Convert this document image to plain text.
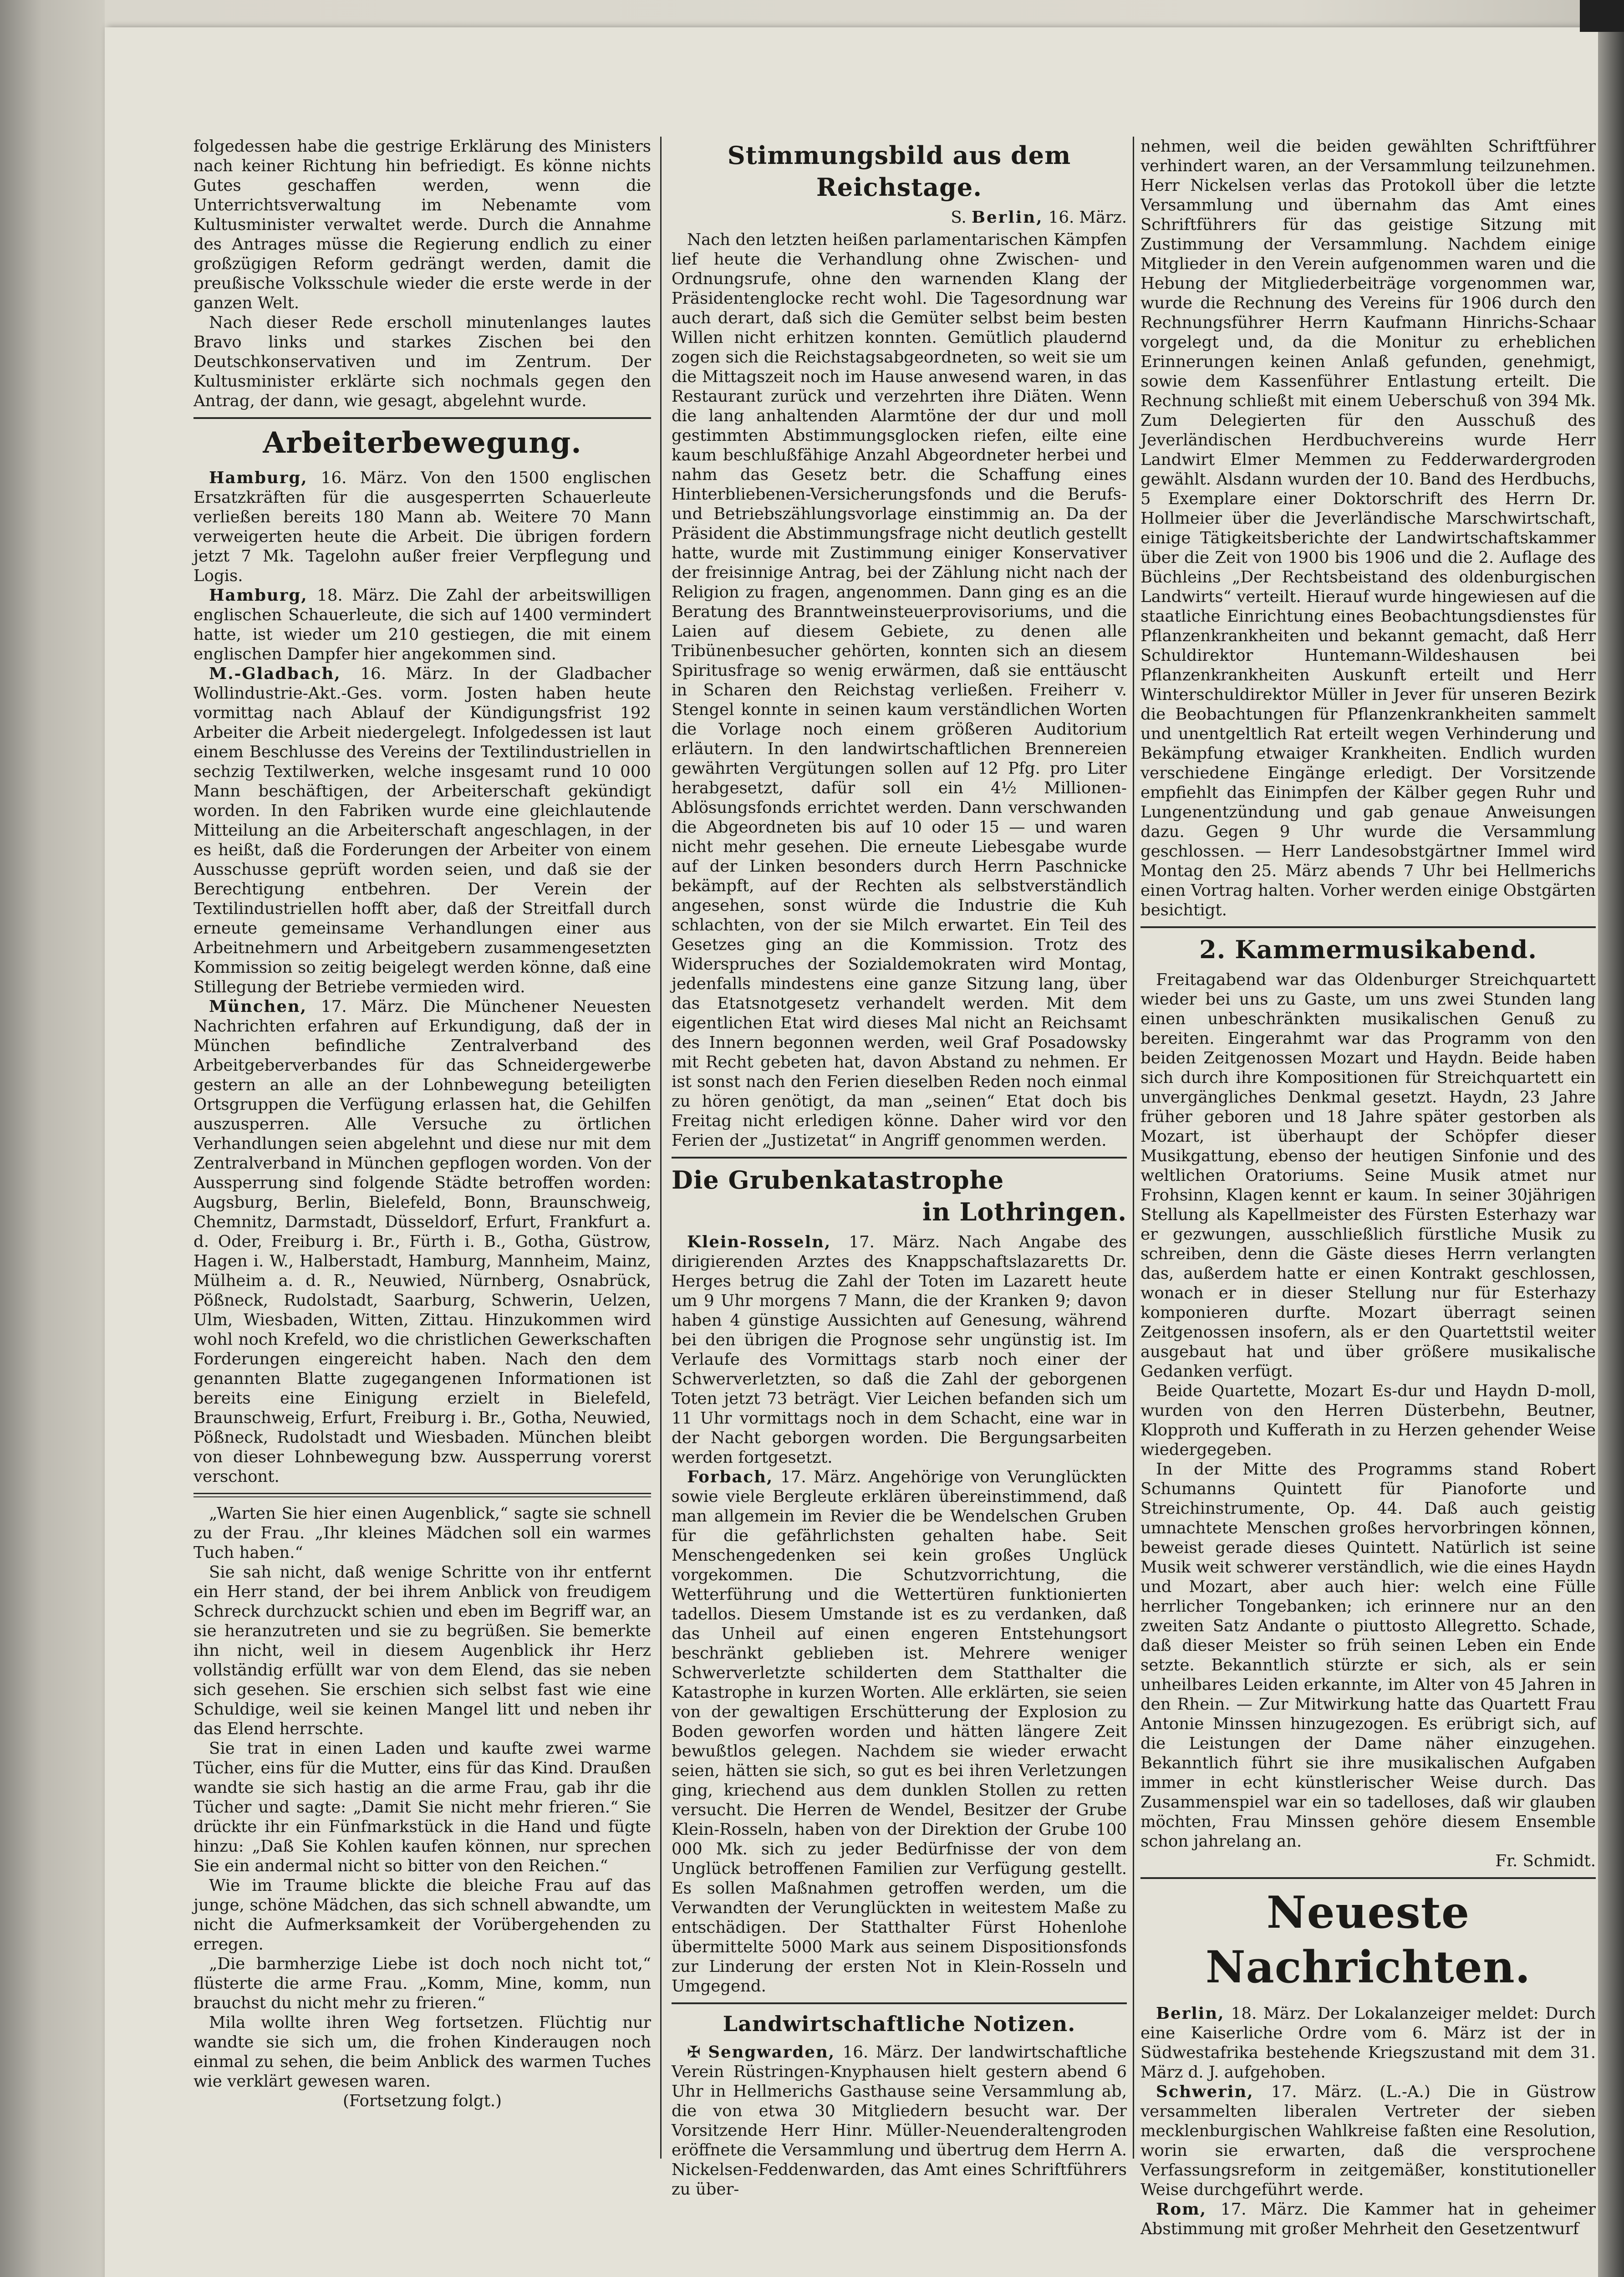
folgedessen habe die gestrige Erklärung des Ministers nach keiner Richtung hin befriedigt. Es könne nichts Gutes geschaffen werden, wenn die Unterrichtsverwaltung im Nebenamte vom Kultusminister verwaltet werde. Durch die Annahme des Antrages müsse die Regierung endlich zu einer großzügigen Reform gedrängt werden, damit die preußische Volksschule wieder die erste werde in der ganzen Welt.

Nach dieser Rede erscholl minutenlanges lautes Bravo links und starkes Zischen bei den Deutschkonservativen und im Zentrum. Der Kultusminister erklärte sich nochmals gegen den Antrag, der dann, wie gesagt, abgelehnt wurde.

Arbeiterbewegung.

Hamburg, 16. März. Von den 1500 englischen Ersatzkräften für die ausgesperrten Schauerleute verließen bereits 180 Mann ab. Weitere 70 Mann verweigerten heute die Arbeit. Die übrigen fordern jetzt 7 Mk. Tagelohn außer freier Verpflegung und Logis.

Hamburg, 18. März. Die Zahl der arbeitswilligen englischen Schauerleute, die sich auf 1400 vermindert hatte, ist wieder um 210 gestiegen, die mit einem englischen Dampfer hier angekommen sind.

M.-Gladbach, 16. März. In der Gladbacher Wollindustrie-Akt.-Ges. vorm. Josten haben heute vormittag nach Ablauf der Kündigungsfrist 192 Arbeiter die Arbeit niedergelegt. Infolgedessen ist laut einem Beschlusse des Vereins der Textilindustriellen in sechzig Textilwerken, welche insgesamt rund 10 000 Mann beschäftigen, der Arbeiterschaft gekündigt worden. In den Fabriken wurde eine gleichlautende Mitteilung an die Arbeiterschaft angeschlagen, in der es heißt, daß die Forderungen der Arbeiter von einem Ausschusse geprüft worden seien, und daß sie der Berechtigung entbehren. Der Verein der Textilindustriellen hofft aber, daß der Streitfall durch erneute gemeinsame Verhandlungen einer aus Arbeitnehmern und Arbeitgebern zusammengesetzten Kommission so zeitig beigelegt werden könne, daß eine Stillegung der Betriebe vermieden wird.

München, 17. März. Die Münchener Neuesten Nachrichten erfahren auf Erkundigung, daß der in München befindliche Zentralverband des Arbeitgeberverbandes für das Schneidergewerbe gestern an alle an der Lohnbewegung beteiligten Ortsgruppen die Verfügung erlassen hat, die Gehilfen auszusperren. Alle Versuche zu örtlichen Verhandlungen seien abgelehnt und diese nur mit dem Zentralverband in München gepflogen worden. Von der Aussperrung sind folgende Städte betroffen worden: Augsburg, Berlin, Bielefeld, Bonn, Braunschweig, Chemnitz, Darmstadt, Düsseldorf, Erfurt, Frankfurt a. d. Oder, Freiburg i. Br., Fürth i. B., Gotha, Güstrow, Hagen i. W., Halberstadt, Hamburg, Mannheim, Mainz, Mülheim a. d. R., Neuwied, Nürnberg, Osnabrück, Pößneck, Rudolstadt, Saarburg, Schwerin, Uelzen, Ulm, Wiesbaden, Witten, Zittau. Hinzukommen wird wohl noch Krefeld, wo die christlichen Gewerkschaften Forderungen eingereicht haben. Nach den dem genannten Blatte zugegangenen Informationen ist bereits eine Einigung erzielt in Bielefeld, Braunschweig, Erfurt, Freiburg i. Br., Gotha, Neuwied, Pößneck, Rudolstadt und Wiesbaden. München bleibt von dieser Lohnbewegung bzw. Aussperrung vorerst verschont.

„Warten Sie hier einen Augenblick,“ sagte sie schnell zu der Frau. „Ihr kleines Mädchen soll ein warmes Tuch haben.“

Sie sah nicht, daß wenige Schritte von ihr entfernt ein Herr stand, der bei ihrem Anblick von freudigem Schreck durchzuckt schien und eben im Begriff war, an sie heranzutreten und sie zu begrüßen. Sie bemerkte ihn nicht, weil in diesem Augenblick ihr Herz vollständig erfüllt war von dem Elend, das sie neben sich gesehen. Sie erschien sich selbst fast wie eine Schuldige, weil sie keinen Mangel litt und neben ihr das Elend herrschte.

Sie trat in einen Laden und kaufte zwei warme Tücher, eins für die Mutter, eins für das Kind. Draußen wandte sie sich hastig an die arme Frau, gab ihr die Tücher und sagte: „Damit Sie nicht mehr frieren.“ Sie drückte ihr ein Fünfmarkstück in die Hand und fügte hinzu: „Daß Sie Kohlen kaufen können, nur sprechen Sie ein andermal nicht so bitter von den Reichen.“

Wie im Traume blickte die bleiche Frau auf das junge, schöne Mädchen, das sich schnell abwandte, um nicht die Aufmerksamkeit der Vorübergehenden zu erregen.

„Die barmherzige Liebe ist doch noch nicht tot,“ flüsterte die arme Frau. „Komm, Mine, komm, nun brauchst du nicht mehr zu frieren.“

Mila wollte ihren Weg fortsetzen. Flüchtig nur wandte sie sich um, die frohen Kinderaugen noch einmal zu sehen, die beim Anblick des warmen Tuches wie verklärt gewesen waren.

(Fortsetzung folgt.)

Stimmungsbild aus dem Reichstage.

S. Berlin, 16. März.

Nach den letzten heißen parlamentarischen Kämpfen lief heute die Verhandlung ohne Zwischen- und Ordnungsrufe, ohne den warnenden Klang der Präsidentenglocke recht wohl. Die Tagesordnung war auch derart, daß sich die Gemüter selbst beim besten Willen nicht erhitzen konnten. Gemütlich plaudernd zogen sich die Reichstagsabgeordneten, so weit sie um die Mittagszeit noch im Hause anwesend waren, in das Restaurant zurück und verzehrten ihre Diäten. Wenn die lang anhaltenden Alarmtöne der dur und moll gestimmten Abstimmungsglocken riefen, eilte eine kaum beschlußfähige Anzahl Abgeordneter herbei und nahm das Gesetz betr. die Schaffung eines Hinterbliebenen-Versicherungsfonds und die Berufs- und Betriebszählungsvorlage einstimmig an. Da der Präsident die Abstimmungsfrage nicht deutlich gestellt hatte, wurde mit Zustimmung einiger Konservativer der freisinnige Antrag, bei der Zählung nicht nach der Religion zu fragen, angenommen. Dann ging es an die Beratung des Branntweinsteuerprovisoriums, und die Laien auf diesem Gebiete, zu denen alle Tribünenbesucher gehörten, konnten sich an diesem Spiritusfrage so wenig erwärmen, daß sie enttäuscht in Scharen den Reichstag verließen. Freiherr v. Stengel konnte in seinen kaum verständlichen Worten die Vorlage noch einem größeren Auditorium erläutern. In den landwirtschaftlichen Brennereien gewährten Vergütungen sollen auf 12 Pfg. pro Liter herabgesetzt, dafür soll ein 4½ Millionen-Ablösungsfonds errichtet werden. Dann verschwanden die Abgeordneten bis auf 10 oder 15 — und waren nicht mehr gesehen. Die erneute Liebesgabe wurde auf der Linken besonders durch Herrn Paschnicke bekämpft, auf der Rechten als selbstverständlich angesehen, sonst würde die Industrie die Kuh schlachten, von der sie Milch erwartet. Ein Teil des Gesetzes ging an die Kommission. Trotz des Widerspruches der Sozialdemokraten wird Montag, jedenfalls mindestens eine ganze Sitzung lang, über das Etatsnotgesetz verhandelt werden. Mit dem eigentlichen Etat wird dieses Mal nicht an Reichsamt des Innern begonnen werden, weil Graf Posadowsky mit Recht gebeten hat, davon Abstand zu nehmen. Er ist sonst nach den Ferien dieselben Reden noch einmal zu hören genötigt, da man „seinen“ Etat doch bis Freitag nicht erledigen könne. Daher wird vor den Ferien der „Justizetat“ in Angriff genommen werden.

Die Grubenkatastrophe
in Lothringen.

Klein-Rosseln, 17. März. Nach Angabe des dirigierenden Arztes des Knappschaftslazaretts Dr. Herges betrug die Zahl der Toten im Lazarett heute um 9 Uhr morgens 7 Mann, die der Kranken 9; davon haben 4 günstige Aussichten auf Genesung, während bei den übrigen die Prognose sehr ungünstig ist. Im Verlaufe des Vormittags starb noch einer der Schwerverletzten, so daß die Zahl der geborgenen Toten jetzt 73 beträgt. Vier Leichen befanden sich um 11 Uhr vormittags noch in dem Schacht, eine war in der Nacht geborgen worden. Die Bergungsarbeiten werden fortgesetzt.

Forbach, 17. März. Angehörige von Verunglückten sowie viele Bergleute erklären übereinstimmend, daß man allgemein im Revier die be Wendelschen Gruben für die gefährlichsten gehalten habe. Seit Menschengedenken sei kein großes Unglück vorgekommen. Die Schutzvorrichtung, die Wetterführung und die Wettertüren funktionierten tadellos. Diesem Umstande ist es zu verdanken, daß das Unheil auf einen engeren Entstehungsort beschränkt geblieben ist. Mehrere weniger Schwerverletzte schilderten dem Statthalter die Katastrophe in kurzen Worten. Alle erklärten, sie seien von der gewaltigen Erschütterung der Explosion zu Boden geworfen worden und hätten längere Zeit bewußtlos gelegen. Nachdem sie wieder erwacht seien, hätten sie sich, so gut es bei ihren Verletzungen ging, kriechend aus dem dunklen Stollen zu retten versucht. Die Herren de Wendel, Besitzer der Grube Klein-Rosseln, haben von der Direktion der Grube 100 000 Mk. sich zu jeder Bedürfnisse der von dem Unglück betroffenen Familien zur Verfügung gestellt. Es sollen Maßnahmen getroffen werden, um die Verwandten der Verunglückten in weitestem Maße zu entschädigen. Der Statthalter Fürst Hohenlohe übermittelte 5000 Mark aus seinem Dispositionsfonds zur Linderung der ersten Not in Klein-Rosseln und Umgegend.

Landwirtschaftliche Notizen.

✠ Sengwarden, 16. März. Der landwirtschaftliche Verein Rüstringen-Knyphausen hielt gestern abend 6 Uhr in Hellmerichs Gasthause seine Versammlung ab, die von etwa 30 Mitgliedern besucht war. Der Vorsitzende Herr Hinr. Müller-Neuenderaltengroden eröffnete die Versammlung und übertrug dem Herrn A. Nickelsen-Feddenwarden, das Amt eines Schriftführers zu über-

nehmen, weil die beiden gewählten Schriftführer verhindert waren, an der Versammlung teilzunehmen. Herr Nickelsen verlas das Protokoll über die letzte Versammlung und übernahm das Amt eines Schriftführers für das geistige Sitzung mit Zustimmung der Versammlung. Nachdem einige Mitglieder in den Verein aufgenommen waren und die Hebung der Mitgliederbeiträge vorgenommen war, wurde die Rechnung des Vereins für 1906 durch den Rechnungsführer Herrn Kaufmann Hinrichs-Schaar vorgelegt und, da die Monitur zu erheblichen Erinnerungen keinen Anlaß gefunden, genehmigt, sowie dem Kassenführer Entlastung erteilt. Die Rechnung schließt mit einem Ueberschuß von 394 Mk. Zum Delegierten für den Ausschuß des Jeverländischen Herdbuchvereins wurde Herr Landwirt Elmer Memmen zu Fedderwardergroden gewählt. Alsdann wurden der 10. Band des Herdbuchs, 5 Exemplare einer Doktorschrift des Herrn Dr. Hollmeier über die Jeverländische Marschwirtschaft, einige Tätigkeitsberichte der Landwirtschaftskammer über die Zeit von 1900 bis 1906 und die 2. Auflage des Büchleins „Der Rechtsbeistand des oldenburgischen Landwirts“ verteilt. Hierauf wurde hingewiesen auf die staatliche Einrichtung eines Beobachtungsdienstes für Pflanzenkrankheiten und bekannt gemacht, daß Herr Schuldirektor Huntemann-Wildeshausen bei Pflanzenkrankheiten Auskunft erteilt und Herr Winterschuldirektor Müller in Jever für unseren Bezirk die Beobachtungen für Pflanzenkrankheiten sammelt und unentgeltlich Rat erteilt wegen Verhinderung und Bekämpfung etwaiger Krankheiten. Endlich wurden verschiedene Eingänge erledigt. Der Vorsitzende empfiehlt das Einimpfen der Kälber gegen Ruhr und Lungenentzündung und gab genaue Anweisungen dazu. Gegen 9 Uhr wurde die Versammlung geschlossen. — Herr Landesobstgärtner Immel wird Montag den 25. März abends 7 Uhr bei Hellmerichs einen Vortrag halten. Vorher werden einige Obstgärten besichtigt.

2. Kammermusikabend.

Freitagabend war das Oldenburger Streichquartett wieder bei uns zu Gaste, um uns zwei Stunden lang einen unbeschränkten musikalischen Genuß zu bereiten. Eingerahmt war das Programm von den beiden Zeitgenossen Mozart und Haydn. Beide haben sich durch ihre Kompositionen für Streichquartett ein unvergängliches Denkmal gesetzt. Haydn, 23 Jahre früher geboren und 18 Jahre später gestorben als Mozart, ist überhaupt der Schöpfer dieser Musikgattung, ebenso der heutigen Sinfonie und des weltlichen Oratoriums. Seine Musik atmet nur Frohsinn, Klagen kennt er kaum. In seiner 30jährigen Stellung als Kapellmeister des Fürsten Esterhazy war er gezwungen, ausschließlich fürstliche Musik zu schreiben, denn die Gäste dieses Herrn verlangten das, außerdem hatte er einen Kontrakt geschlossen, wonach er in dieser Stellung nur für Esterhazy komponieren durfte. Mozart überragt seinen Zeitgenossen insofern, als er den Quartettstil weiter ausgebaut hat und über größere musikalische Gedanken verfügt.

Beide Quartette, Mozart Es-dur und Haydn D-moll, wurden von den Herren Düsterbehn, Beutner, Klopproth und Kufferath in zu Herzen gehender Weise wiedergegeben.

In der Mitte des Programms stand Robert Schumanns Quintett für Pianoforte und Streichinstrumente, Op. 44. Daß auch geistig umnachtete Menschen großes hervorbringen können, beweist gerade dieses Quintett. Natürlich ist seine Musik weit schwerer verständlich, wie die eines Haydn und Mozart, aber auch hier: welch eine Fülle herrlicher Tongebanken; ich erinnere nur an den zweiten Satz Andante o piuttosto Allegretto. Schade, daß dieser Meister so früh seinen Leben ein Ende setzte. Bekanntlich stürzte er sich, als er sein unheilbares Leiden erkannte, im Alter von 45 Jahren in den Rhein. — Zur Mitwirkung hatte das Quartett Frau Antonie Minssen hinzugezogen. Es erübrigt sich, auf die Leistungen der Dame näher einzugehen. Bekanntlich führt sie ihre musikalischen Aufgaben immer in echt künstlerischer Weise durch. Das Zusammenspiel war ein so tadelloses, daß wir glauben möchten, Frau Minssen gehöre diesem Ensemble schon jahrelang an.

Fr. Schmidt.

Neueste Nachrichten.

Berlin, 18. März. Der Lokalanzeiger meldet: Durch eine Kaiserliche Ordre vom 6. März ist der in Südwestafrika bestehende Kriegszustand mit dem 31. März d. J. aufgehoben.

Schwerin, 17. März. (L.-A.) Die in Güstrow versammelten liberalen Vertreter der sieben mecklenburgischen Wahlkreise faßten eine Resolution, worin sie erwarten, daß die versprochene Verfassungsreform in zeitgemäßer, konstitutioneller Weise durchgeführt werde.

Rom, 17. März. Die Kammer hat in geheimer Abstimmung mit großer Mehrheit den Gesetzentwurf
